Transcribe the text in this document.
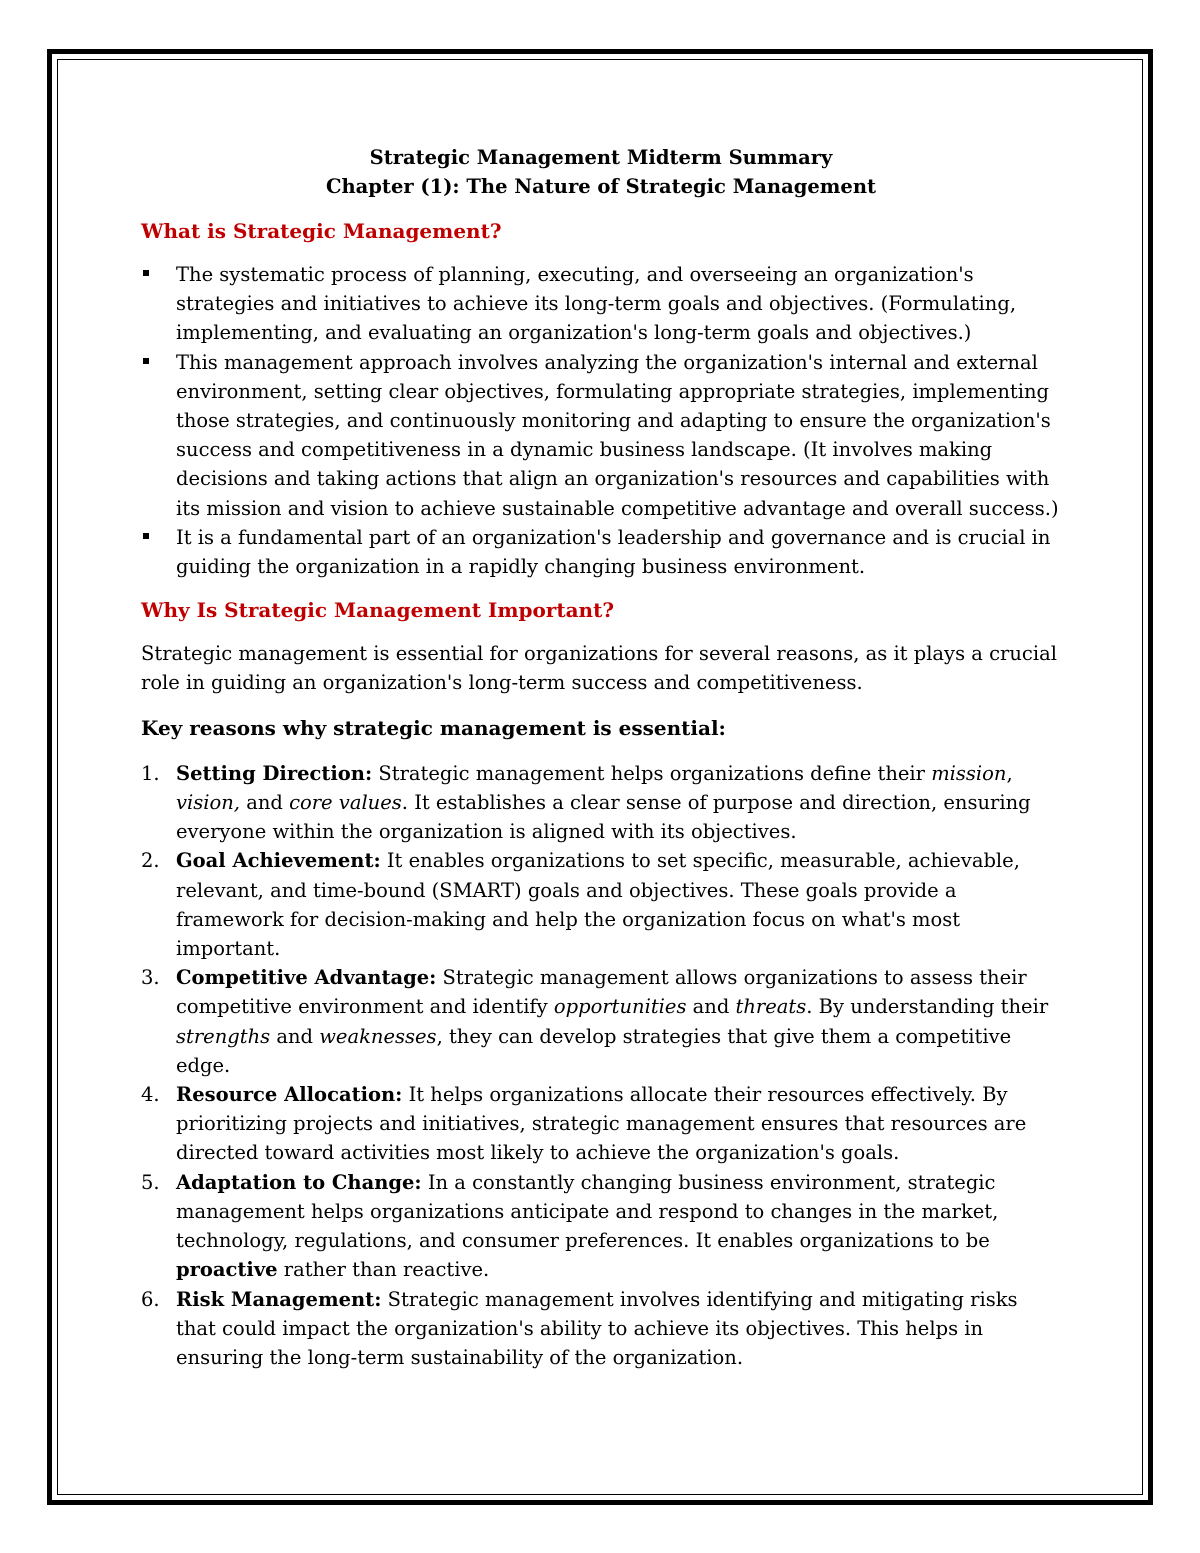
Strategic Management Midterm Summary
Chapter (1): The Nature of Strategic Management
What is Strategic Management?
The systematic process of planning, executing, and overseeing an organization's strategies and initiatives to achieve its long-term goals and objectives. (Formulating, implementing, and evaluating an organization's long-term goals and objectives.)
This management approach involves analyzing the organization's internal and external environment, setting clear objectives, formulating appropriate strategies, implementing those strategies, and continuously monitoring and adapting to ensure the organization's success and competitiveness in a dynamic business landscape. (It involves making decisions and taking actions that align an organization's resources and capabilities with its mission and vision to achieve sustainable competitive advantage and overall success.)
It is a fundamental part of an organization's leadership and governance and is crucial in guiding the organization in a rapidly changing business environment.
Why Is Strategic Management Important?

Strategic management is essential for organizations for several reasons, as it plays a crucial role in guiding an organization's long-term success and competitiveness.

Key reasons why strategic management is essential:

1. Setting Direction: Strategic management helps organizations define their mission, vision, and core values. It establishes a clear sense of purpose and direction, ensuring everyone within the organization is aligned with its objectives.
2. Goal Achievement: It enables organizations to set specific, measurable, achievable, relevant, and time-bound (SMART) goals and objectives. These goals provide a framework for decision-making and help the organization focus on what's most important.
3. Competitive Advantage: Strategic management allows organizations to assess their competitive environment and identify opportunities and threats. By understanding their strengths and weaknesses, they can develop strategies that give them a competitive edge.
4. Resource Allocation: It helps organizations allocate their resources effectively. By prioritizing projects and initiatives, strategic management ensures that resources are directed toward activities most likely to achieve the organization's goals.
5. Adaptation to Change: In a constantly changing business environment, strategic management helps organizations anticipate and respond to changes in the market, technology, regulations, and consumer preferences. It enables organizations to be proactive rather than reactive.
6. Risk Management: Strategic management involves identifying and mitigating risks that could impact the organization's ability to achieve its objectives. This helps in ensuring the long-term sustainability of the organization.
